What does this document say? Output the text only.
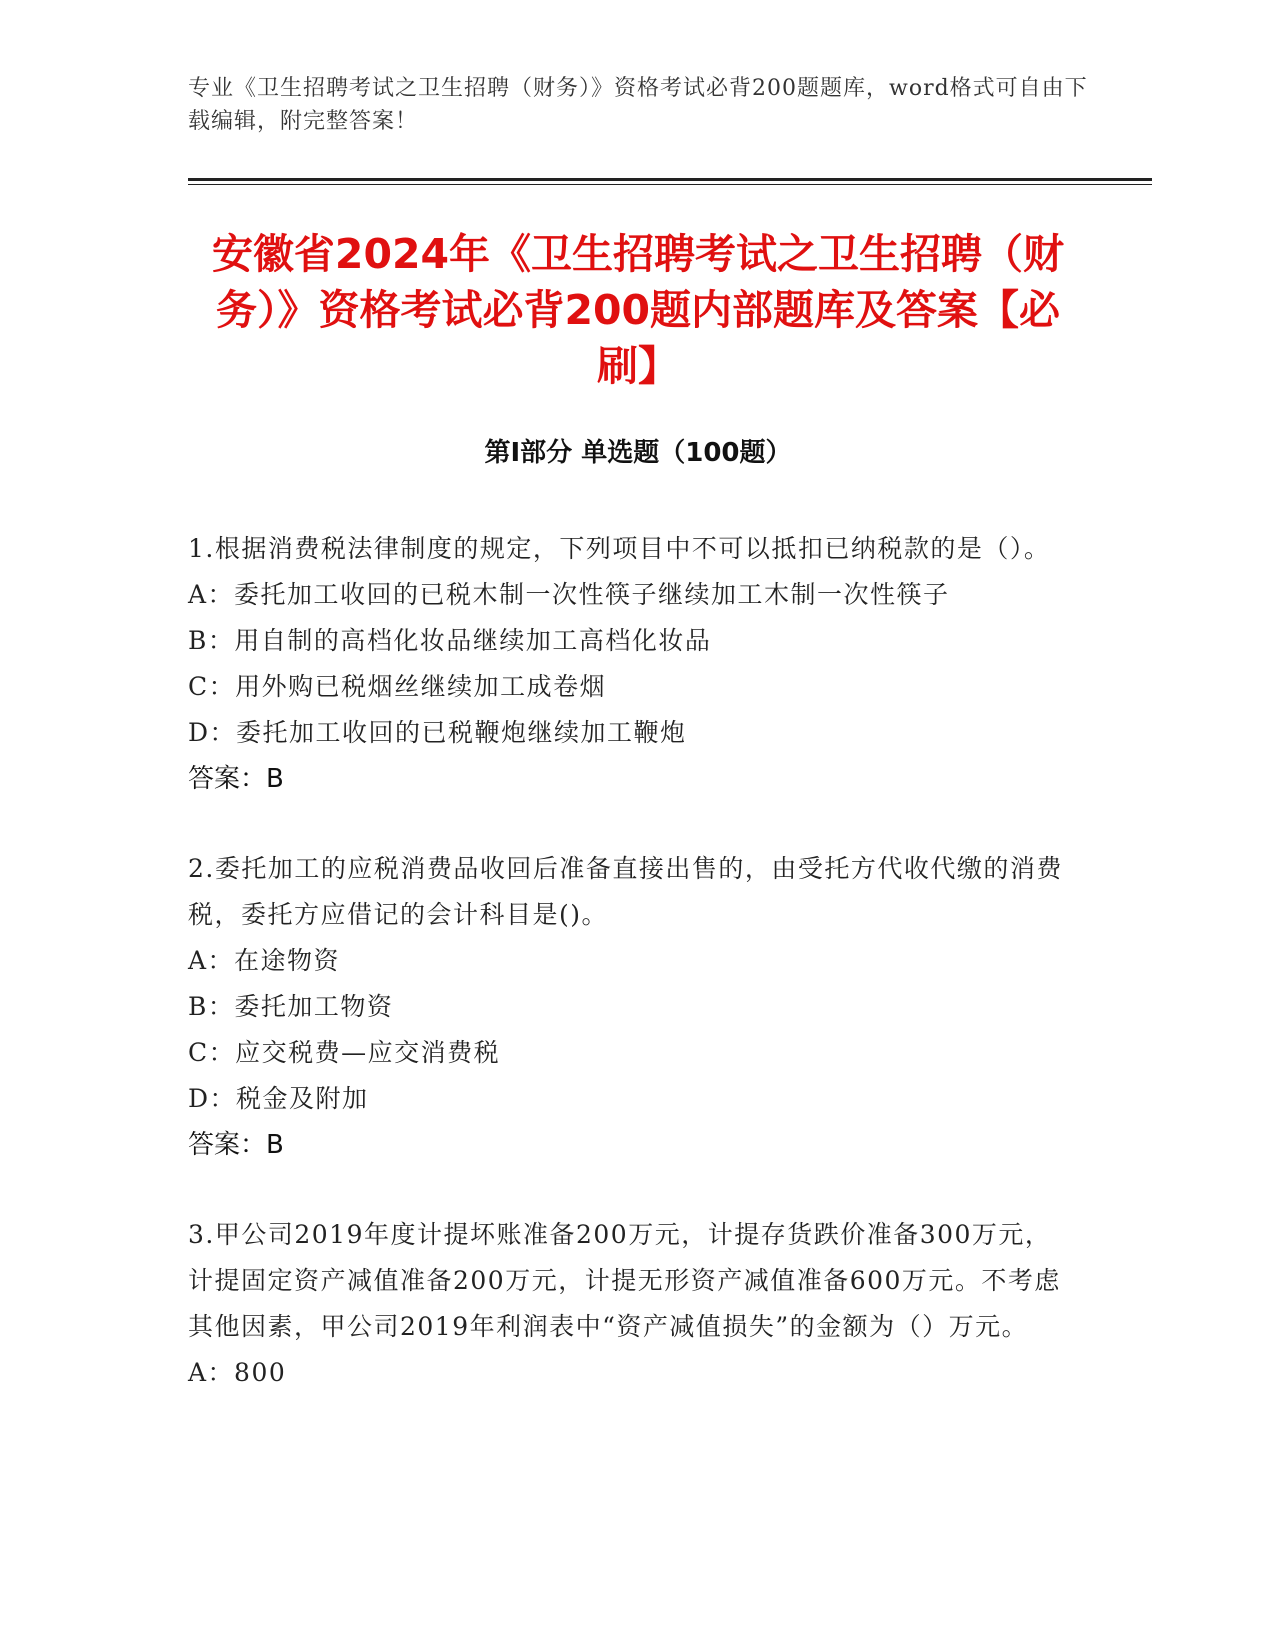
专业《卫生招聘考试之卫生招聘（财务）》资格考试必背200题题库，word格式可自由下载编辑，附完整答案！
安徽省2024年《卫生招聘考试之卫生招聘（财务）》资格考试必背200题内部题库及答案【必刷】
第I部分 单选题（100题）
1.根据消费税法律制度的规定，下列项目中不可以抵扣已纳税款的是（）。
A：委托加工收回的已税木制一次性筷子继续加工木制一次性筷子
B：用自制的高档化妆品继续加工高档化妆品
C：用外购已税烟丝继续加工成卷烟
D：委托加工收回的已税鞭炮继续加工鞭炮
答案：B
2.委托加工的应税消费品收回后准备直接出售的，由受托方代收代缴的消费税，委托方应借记的会计科目是()。
A：在途物资
B：委托加工物资
C：应交税费—应交消费税
D：税金及附加
答案：B
3.甲公司2019年度计提坏账准备200万元，计提存货跌价准备300万元，计提固定资产减值准备200万元，计提无形资产减值准备600万元。不考虑其他因素，甲公司2019年利润表中“资产减值损失”的金额为（）万元。
A：800
